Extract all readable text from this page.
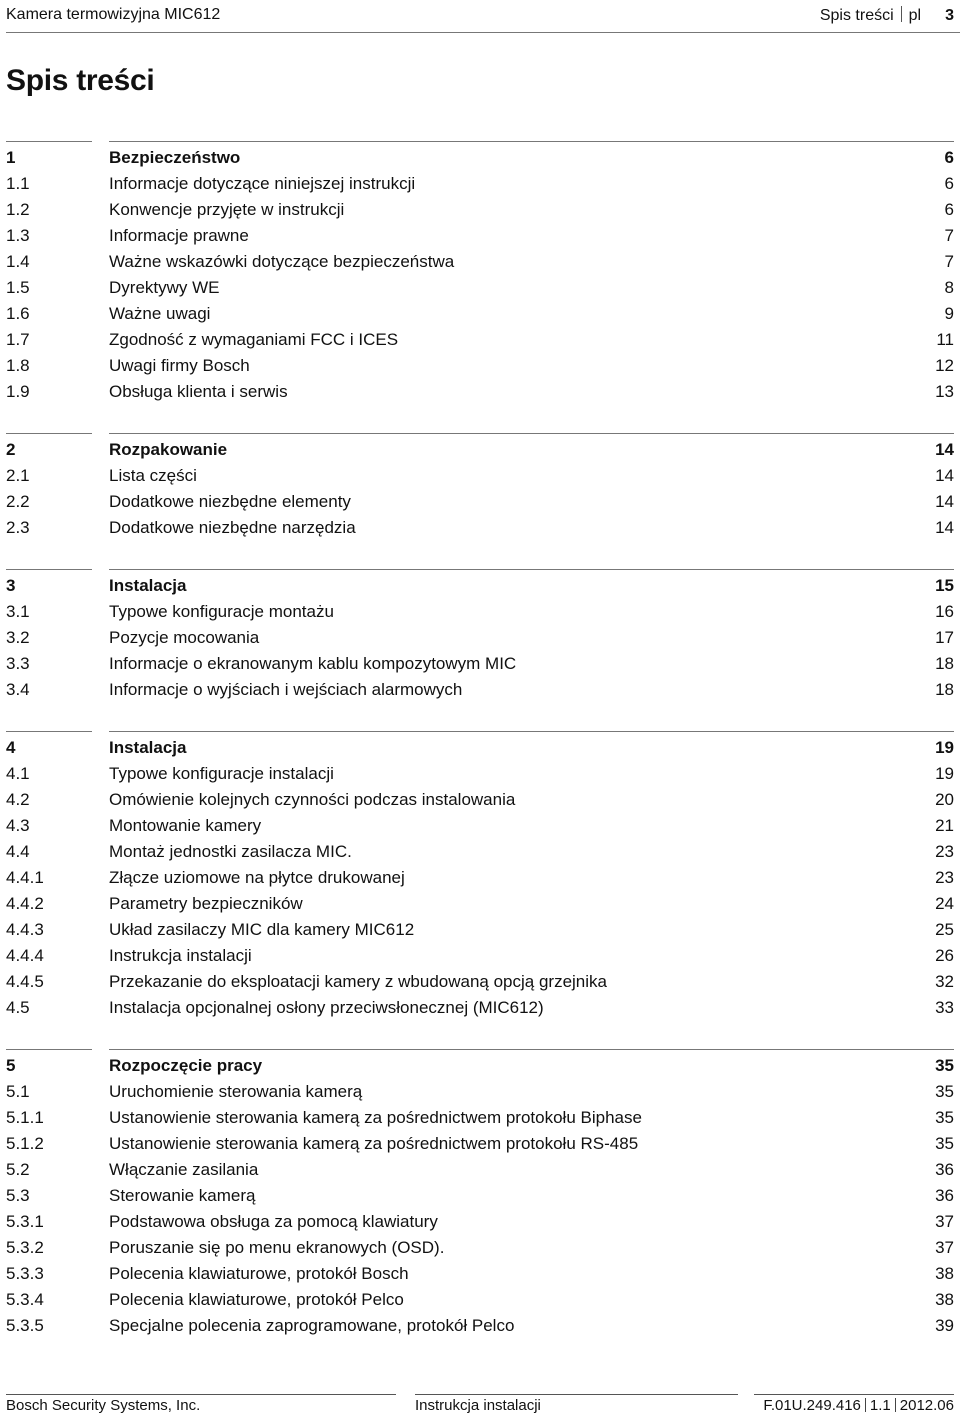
Kamera termowizyjna MIC612	Spis treści pl 3
Spis treści
1	Bezpieczeństwo	6
1.1	Informacje dotyczące niniejszej instrukcji	6
1.2	Konwencje przyjęte w instrukcji	6
1.3	Informacje prawne	7
1.4	Ważne wskazówki dotyczące bezpieczeństwa	7
1.5	Dyrektywy WE	8
1.6	Ważne uwagi	9
1.7	Zgodność z wymaganiami FCC i ICES	11
1.8	Uwagi firmy Bosch	12
1.9	Obsługa klienta i serwis	13
2	Rozpakowanie	14
2.1	Lista części	14
2.2	Dodatkowe niezbędne elementy	14
2.3	Dodatkowe niezbędne narzędzia	14
3	Instalacja	15
3.1	Typowe konfiguracje montażu	16
3.2	Pozycje mocowania	17
3.3	Informacje o ekranowanym kablu kompozytowym MIC	18
3.4	Informacje o wyjściach i wejściach alarmowych	18
4	Instalacja	19
4.1	Typowe konfiguracje instalacji	19
4.2	Omówienie kolejnych czynności podczas instalowania	20
4.3	Montowanie kamery	21
4.4	Montaż jednostki zasilacza MIC.	23
4.4.1	Złącze uziomowe na płytce drukowanej	23
4.4.2	Parametry bezpieczników	24
4.4.3	Układ zasilaczy MIC dla kamery MIC612	25
4.4.4	Instrukcja instalacji	26
4.4.5	Przekazanie do eksploatacji kamery z wbudowaną opcją grzejnika	32
4.5	Instalacja opcjonalnej osłony przeciwsłonecznej (MIC612)	33
5	Rozpoczęcie pracy	35
5.1	Uruchomienie sterowania kamerą	35
5.1.1	Ustanowienie sterowania kamerą za pośrednictwem protokołu Biphase	35
5.1.2	Ustanowienie sterowania kamerą za pośrednictwem protokołu RS-485	35
5.2	Włączanie zasilania	36
5.3	Sterowanie kamerą	36
5.3.1	Podstawowa obsługa za pomocą klawiatury	37
5.3.2	Poruszanie się po menu ekranowych (OSD).	37
5.3.3	Polecenia klawiaturowe, protokół Bosch	38
5.3.4	Polecenia klawiaturowe, protokół Pelco	38
5.3.5	Specjalne polecenia zaprogramowane, protokół Pelco	39
Bosch Security Systems, Inc.	Instrukcja instalacji	F.01U.249.416 1.1 2012.06
